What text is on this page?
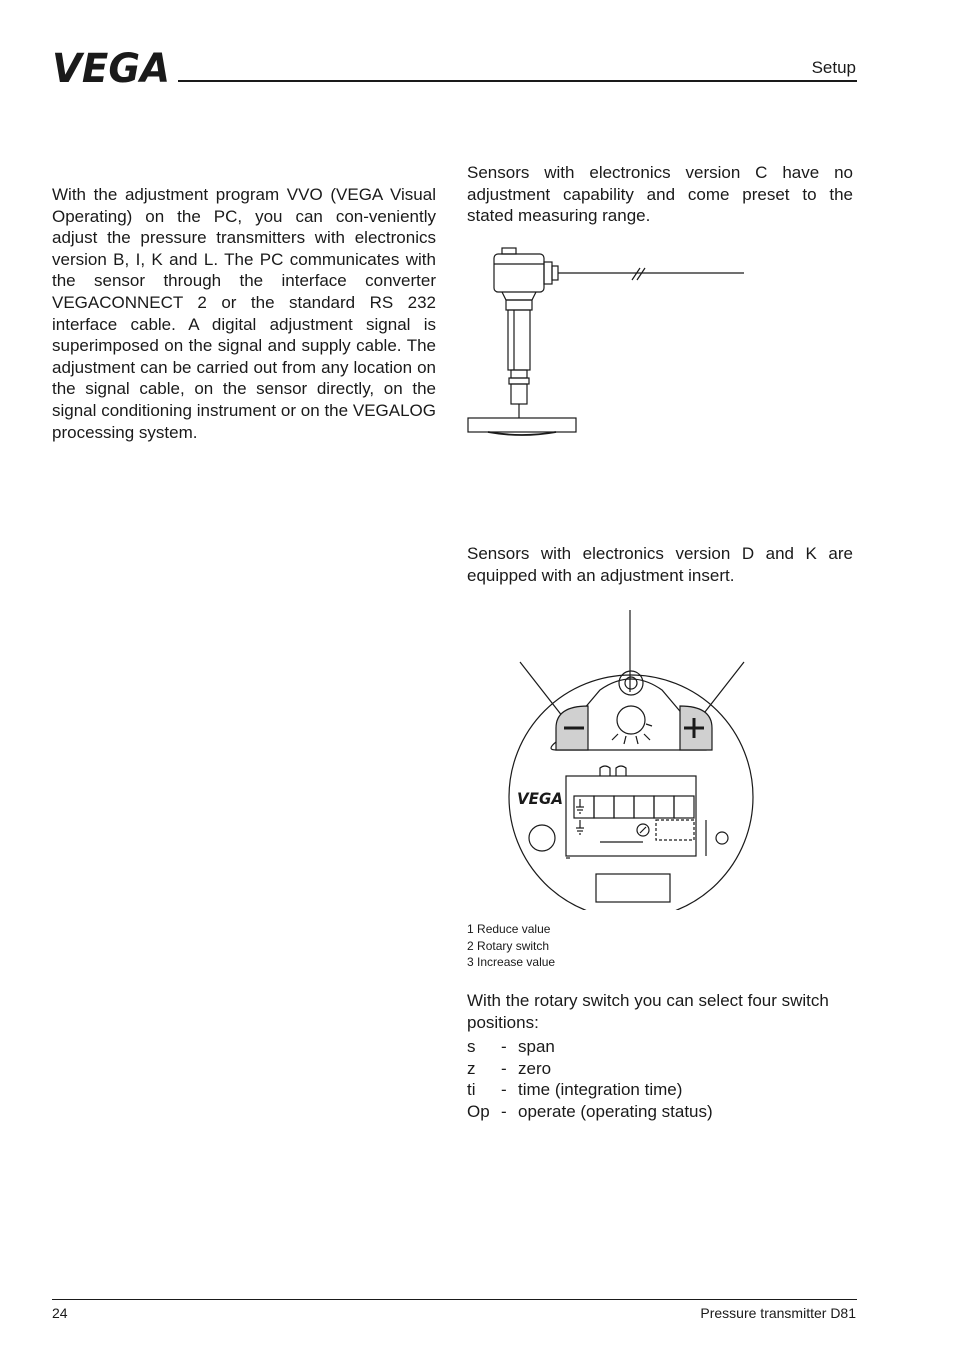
VEGA	Setup

With the adjustment program VVO (VEGA Visual Operating) on the PC, you can con-veniently adjust the pressure transmitters with electronics version B, I, K and L. The PC communicates with the sensor through the interface converter VEGACONNECT 2 or the standard RS 232 interface cable. A digital adjustment signal is superimposed on the signal and supply cable. The adjustment can be carried out from any location on the signal cable, on the sensor directly, on the signal conditioning instrument or on the VEGALOG processing system.

Sensors with electronics version C have no adjustment capability and come preset to the stated measuring range.

Sensors with electronics version D and K are equipped with an adjustment insert.

VEGA
1 Reduce value
2 Rotary switch
3 Increase value

With the rotary switch you can select four switch positions:

s	- span
z	- zero
ti	- time (integration time)
Op - operate (operating status)
24	Pressure transmitter D81
